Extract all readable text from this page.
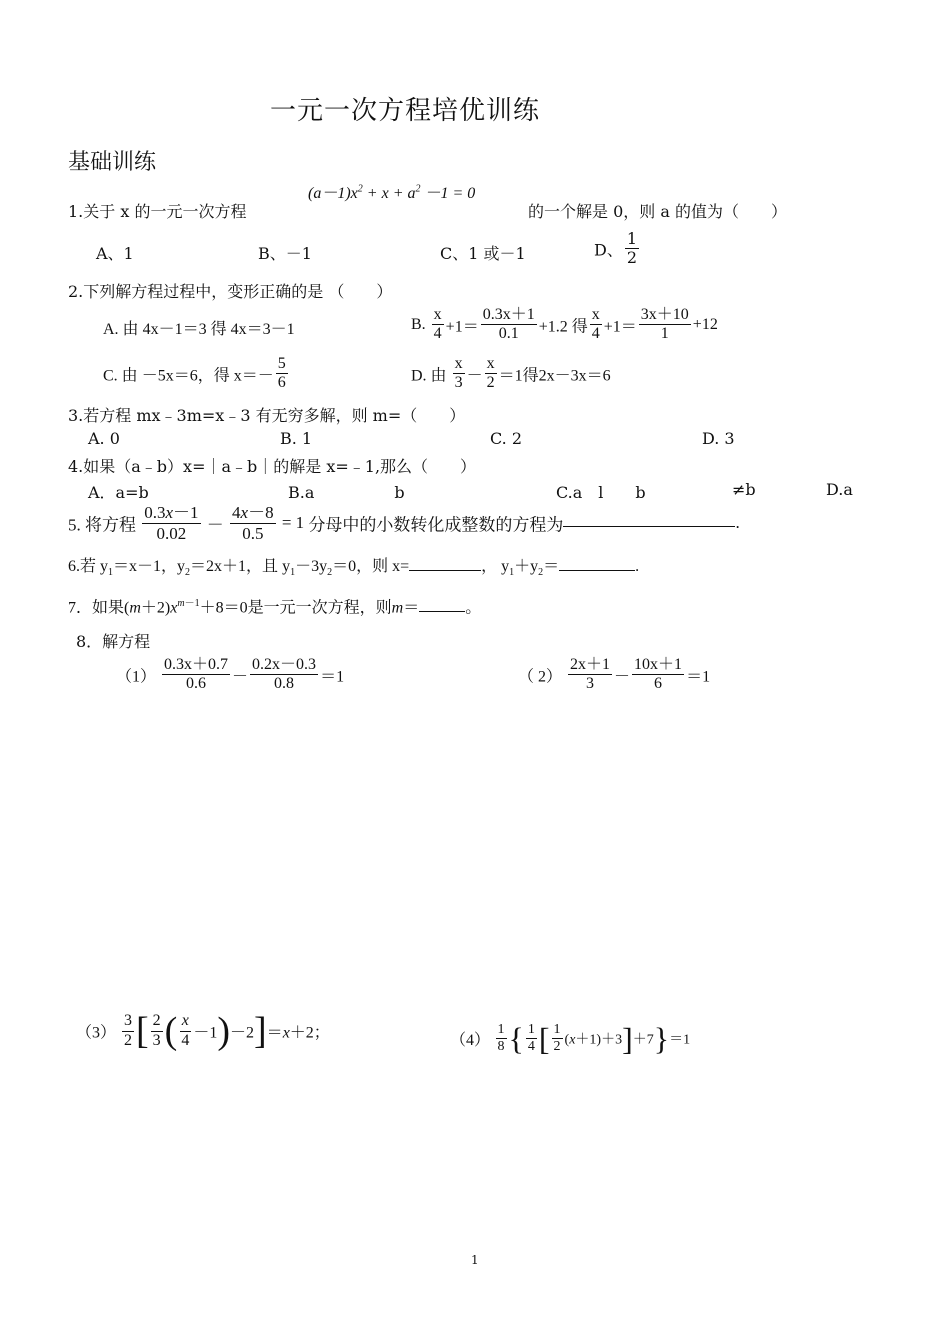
一元一次方程培优训练
基础训练
1.关于 x 的一元一次方程
$(a-1)x^2 + x + a^2 -1 = 0$
的一个解是 0，则 a 的值为（　　）
A、1	B、－1	C、1 或－1	D、 $\frac{1}{2}$
2.下列解方程过程中，变形正确的是 （　　）
A. 由 4x－1＝3 得 4x＝3－1	B. $\frac{x}{4} +1= \frac{0.3x+1}{0.1} +1.2$ 得 $\frac{x}{4} +1= \frac{3x+10}{1} +12$
C. 由 －5x＝6，得 $x=- \frac{5}{6}$	D. 由 $\frac{x}{3} - \frac{x}{2} =1$得2x－3x＝6
3.若方程 mx﹣3m=x﹣3 有无穷多解，则 m=（　　）
A. 0	B. 1	C. 2	D. 3
4.如果（a﹣b）x=｜a﹣b｜的解是 x=﹣1,那么（　　）
A．a=b	B.a　　　　　b	C.a　l　　b	≠b	D.a
5. 将方程 $\frac{0.3x-1}{0.02} - \frac{4x-8}{0.5} = 1$ 分母中的小数转化成整数的方程为	.
6.若 $y_1=x-1$，$y_2=2x+1$，且 $y_1-3y_2=0$，则 x=	， $y_1+y_2=$	.
7．如果$(m+2)x^{m-1}+8=0$是一元一次方程，则m＝	。
8．解方程
$(1) \frac{0.3x+0.7}{0.6} - \frac{0.2x-0.3}{0.8} =1$	（ $2) \frac{2x+1}{3} - \frac{10x+1}{6} =1$
$(3) \frac{3}{2}$ [ $\frac{2}{3}$ ( $\frac{x}{4} -1)-2]=x+2$；	$(4) \frac{1}{8}$ { $\frac{1}{4}$ [ $\frac{1}{2} (x+1)+3]+7\}=1$
1
